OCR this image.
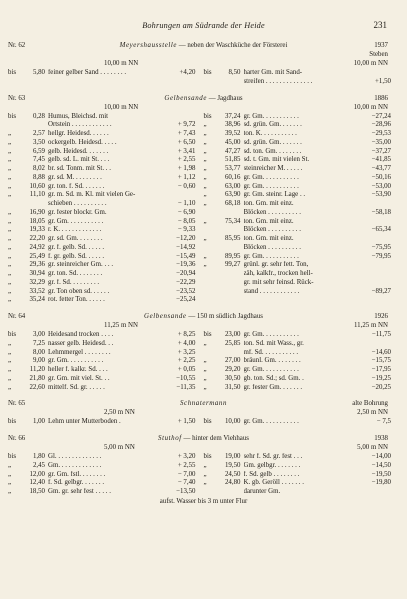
Bohrungen am Südrande der Heide	231
Nr. 62	Meyershausstelle — neben der Waschküche der Försterei	1937
Steben
10,00 m NN	10,00 m NN
bis	5,80 feiner gelber Sand . . . . . . . .	+4,20	bis	8,50 harter Gm. mit Sand-
streifen . . . . . . . . . . . . . .	+1,50
Nr. 63	Gelbensande — Jagdhaus	1886
10,00 m NN	10,00 m NN
bis	0,28 Humus, Bleichsd. mit
Ortstein . . . . . . . . . . . .	+ 9,72
„	2,57 hellgr. Heidesd. . . . . .	+ 7,43
„	3,50 ockergelb. Heidesd. . . . .	+ 6,50
„	6,59 gelb. Heidesd. . . . . . .	+ 3,41
„	7,45 gelb. sd. L. mit St. . . .	+ 2,55
„	8,02 br. sd. Tonm. mit St. . .	+ 1,98
„	8,88 gr. sd. M. . . . . . . . .	+ 1,12
„	10,60 gr. ton. f. Sd. . . . . . .	− 0,60
„	11,10 gr. m. Sd. m. Kl. mit vielen Ge-
schieben . . . . . . . . . .	− 1,10
„	16,90 gr. fester blockr. Gm.	− 6,90
„	18,05 gr. Gm. . . . . . . . . . .	− 8,05
„	19,33 r. K. . . . . . . . . . . . .	− 9,33
„	22,20 gr. sd. Gm. . . . . . . .	−12,20
„	24,92 gr. f. gelb. Sd. . . . . .	−14,92
„	25,49 f. gr. gelb. Sd. . . . . .	−15,49
„	29,36 gr. steinreicher Gm. . . .	−19,36
„	30,94 gr. ton. Sd. . . . . . . .	−20,94
„	32,29 gr. f. Sd. . . . . . . . .	−22,29
„	33,52 gr. Ton oben sd. . . . . .	−23,52
„	35,24 rot. fetter Ton. . . . . .	−25,24
bis	37,24 gr. Gm. . . . . . . . . . .	−27,24
„	38,96 sd. grün. Gm. . . . . . .	−28,96
„	39,52 ton. K. . . . . . . . . . .	−29,53
„	45,00 sd. grün. Gm. . . . . . .	−35,00
„	47,27 sd. ton. Gm. . . . . . . .	−37,27
„	51,85 sd. t. Gm. mit vielen St.	−41,85
„	53,77 steinreicher M. . . . . .	−43,77
„	60,16 gr. Gm. . . . . . . . . . .	−50,16
„	63,00 gr. Gm. . . . . . . . . . .	−53,00
„	63,90 gr. Gm. steinr. Lage . .	−53,90
„	68,18 ton. Gm. mit einz.
Blöcken . . . . . . . . . .	−58,18
„	75,34 ton. Gm. mit einz.
Blöcken . . . . . . . . . .	−65,34
„	85,95 ton. Gm. mit einz.
Blöcken . . . . . . . . . .	−75,95
„	89,95 gr. Gm. . . . . . . . . . .	−79,95
„	99,27 grünl. gr. sehr fett. Ton,
zäh, kalkfr., trocken hell-
gr. mit sehr feinsd. Rück-
stand . . . . . . . . . . . .	−89,27
Nr. 64	Gelbensande — 150 m südlich Jagdhaus	1926
11,25 m NN	11,25 m NN
bis	3,00 Heidesand trocken . . . .	+ 8,25
„	7,25 nasser gelb. Heidesd. . .	+ 4,00
„	8,00 Lehmmergel . . . . . . . .	+ 3,25
„	9,00 gr. Gm. . . . . . . . . . .	+ 2,25
„	11,20 heller f. kalkr. Sd. . . .	+ 0,05
„	21,80 gr. Gm. mit viel. St. . .	−10,55
„	22,60 mittelf. Sd. gr. . . . . .	−11,35
bis	23,00 gr. Gm. . . . . . . . . . .	−11,75
„	25,85 ton. Sd. mit Wass., gr.
mf. Sd. . . . . . . . . . .	−14,60
„	27,00 bräunl. Gm. . . . . . . .	−15,75
„	29,20 gr. Gm. . . . . . . . . . .	−17,95
„	30,50 gb. ton. Sd.; sd. Gm. .	−19,25
„	31,50 gr. fester Gm. . . . . . .	−20,25
Nr. 65	Schnatermann	alte Bohrung
2,50 m NN	2,50 m NN
bis	1,00 Lehm unter Mutterboden .	+ 1,50	bis	10,00 gr. Gm. . . . . . . . . . .	− 7,5
Nr. 66	Stuthof — hinter dem Viehhaus	1938
5,00 m NN	5,00 m NN
bis	1,80 Gl. . . . . . . . . . . . . .	+ 3,20
„	2,45 Gm. . . . . . . . . . . . .	+ 2,55
„	12,00 gr. Gm. fstl. . . . . . . .	− 7,00
„	12,40 f. Sd. gelbgr. . . . . . .	− 7,40
„	18,50 Gm. gr. sehr fest . . . . .	−13,50
bis	19,00 sehr f. Sd. gr. fest . . .	−14,00
„	19,50 Gm. gelbgr. . . . . . . .	−14,50
„	24,50 f. Sd. gelb . . . . . . . .	−19,50
„	24,80 K. gb. Geröll . . . . . . .	−19,80
darunter Gm.
aufst. Wasser bis 3 m unter Flur
